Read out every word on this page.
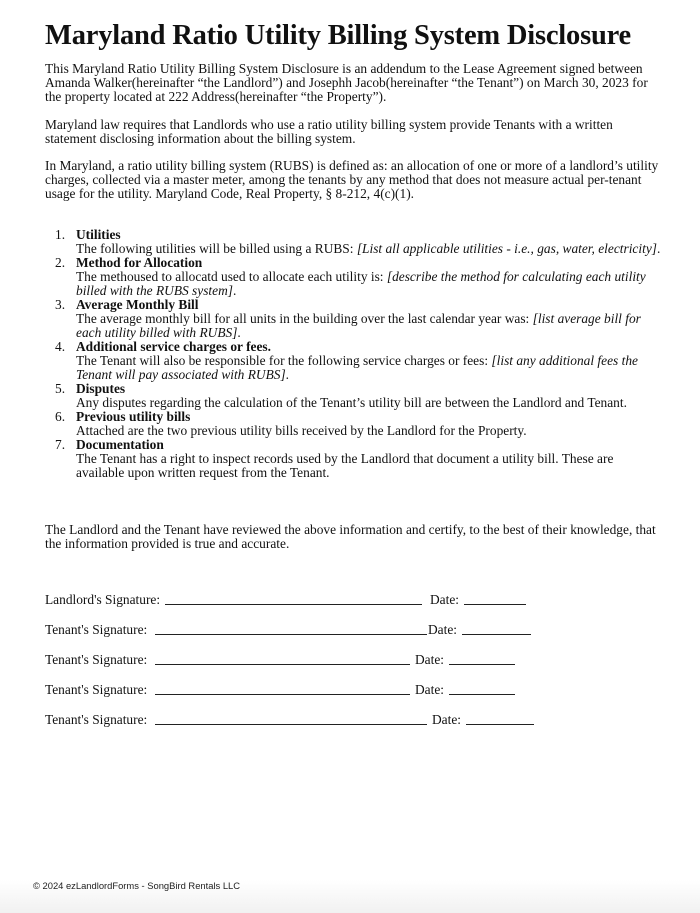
Maryland Ratio Utility Billing System Disclosure

This Maryland Ratio Utility Billing System Disclosure is an addendum to the Lease Agreement signed between Amanda Walker(hereinafter “the Landlord”) and Josephh Jacob(hereinafter “the Tenant”) on March 30, 2023 for the property located at 222 Address(hereinafter “the Property”).

Maryland law requires that Landlords who use a ratio utility billing system provide Tenants with a written statement disclosing information about the billing system.

In Maryland, a ratio utility billing system (RUBS) is defined as: an allocation of one or more of a landlord’s utility charges, collected via a master meter, among the tenants by any method that does not measure actual per-tenant usage for the utility. Maryland Code, Real Property, § 8-212, 4(c)(1).

1. Utilities
The following utilities will be billed using a RUBS: [List all applicable utilities - i.e., gas, water, electricity].
2. Method for Allocation
The methoused to allocatd used to allocate each utility is: [describe the method for calculating each utility billed with the RUBS system].
3. Average Monthly Bill
The average monthly bill for all units in the building over the last calendar year was: [list average bill for each utility billed with RUBS].
4. Additional service charges or fees.
The Tenant will also be responsible for the following service charges or fees: [list any additional fees the Tenant will pay associated with RUBS].
5. Disputes
Any disputes regarding the calculation of the Tenant’s utility bill are between the Landlord and Tenant.
6. Previous utility bills
Attached are the two previous utility bills received by the Landlord for the Property.
7. Documentation
The Tenant has a right to inspect records used by the Landlord that document a utility bill. These are available upon written request from the Tenant.

The Landlord and the Tenant have reviewed the above information and certify, to the best of their knowledge, that the information provided is true and accurate.

Landlord's Signature:	Date:
Tenant's Signature:	Date:
Tenant's Signature:	Date:
Tenant's Signature:	Date:
Tenant's Signature:	Date:
© 2024 ezLandlordForms - SongBird Rentals LLC
